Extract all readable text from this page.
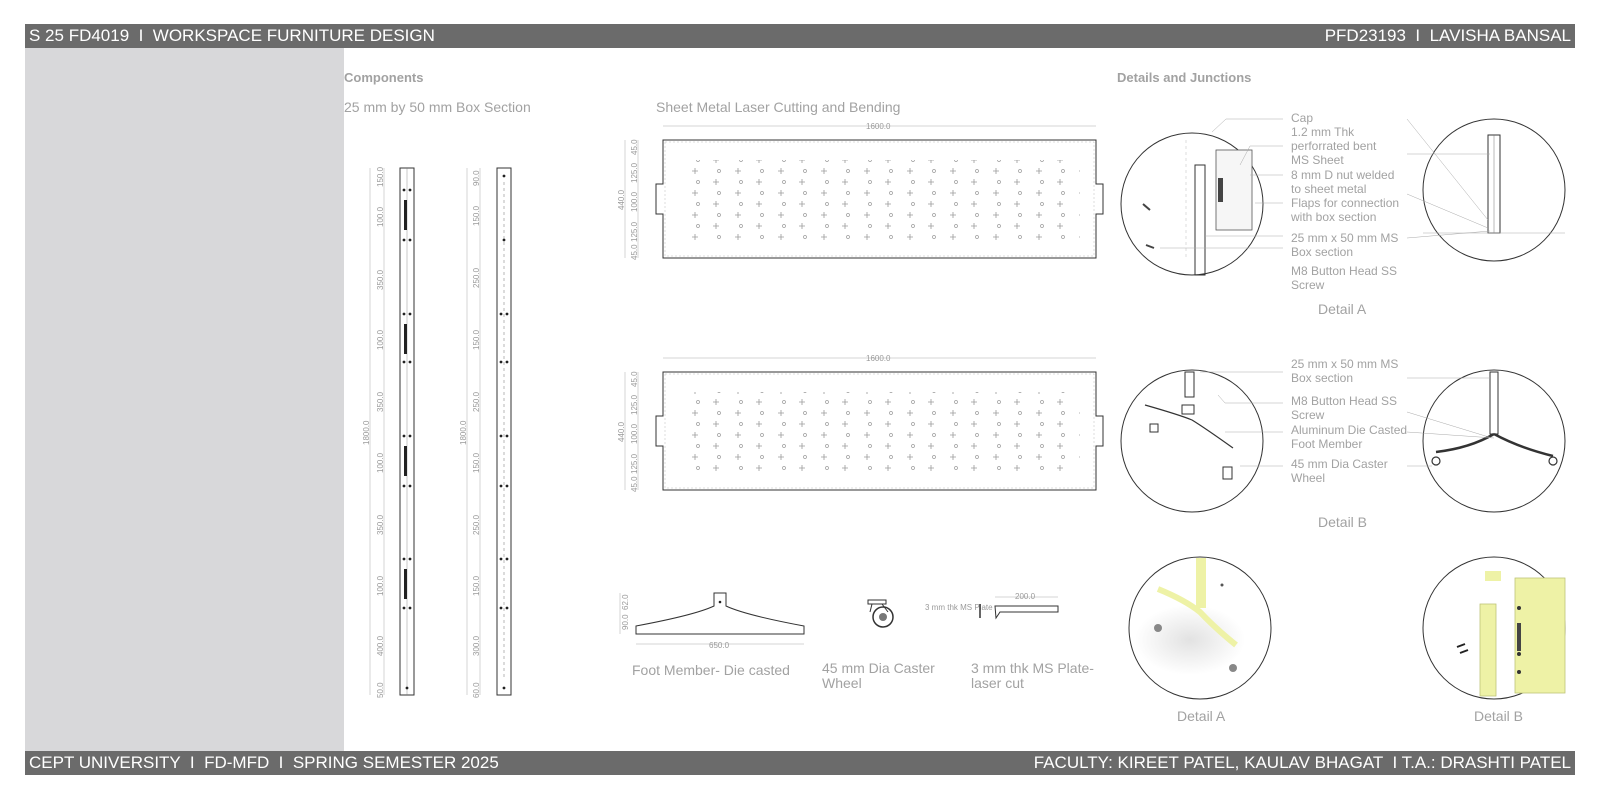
S 25 FD4019  I  WORKSPACE FURNITURE DESIGN	PFD23193  I  LAVISHA BANSAL
CEPT UNIVERSITY  I  FD-MFD  I  SPRING SEMESTER 2025	FACULTY: KIREET PATEL, KAULAV BHAGAT  I T.A.: DRASHTI PATEL
Components
25 mm by 50 mm Box Section	Sheet Metal Laser Cutting and Bending
Details and Junctions
Foot Member- Die casted 45 mm Dia Caster Wheel
3 mm thk MS Plate-laser cut
Cap
1.2 mm Thk perforrated bent MS Sheet
8 mm D nut welded to sheet metal
Flaps for connection with box section
25 mm x 50 mm MS Box section
M8 Button Head SS Screw
Detail A
25 mm x 50 mm MS Box section
M8 Button Head SS Screw
Aluminum Die Casted Foot Member
45 mm Dia Caster Wheel
Detail B
Detail A	Detail B
150.0
100.0
350.0
100.0
350.0
100.0
350.0
100.0
400.0
50.0
1800.0
90.0
150.0
250.0
150.0
250.0
150.0
250.0
150.0
300.0
60.0
1800.0
1600.0
440.0
45.0
125.0
100.0
125.0
45.0
1600.0
440.0
45.0
125.0
100.0
125.0
45.0
650.0
62.0
90.0
3 mm thk MS Plate
200.0
